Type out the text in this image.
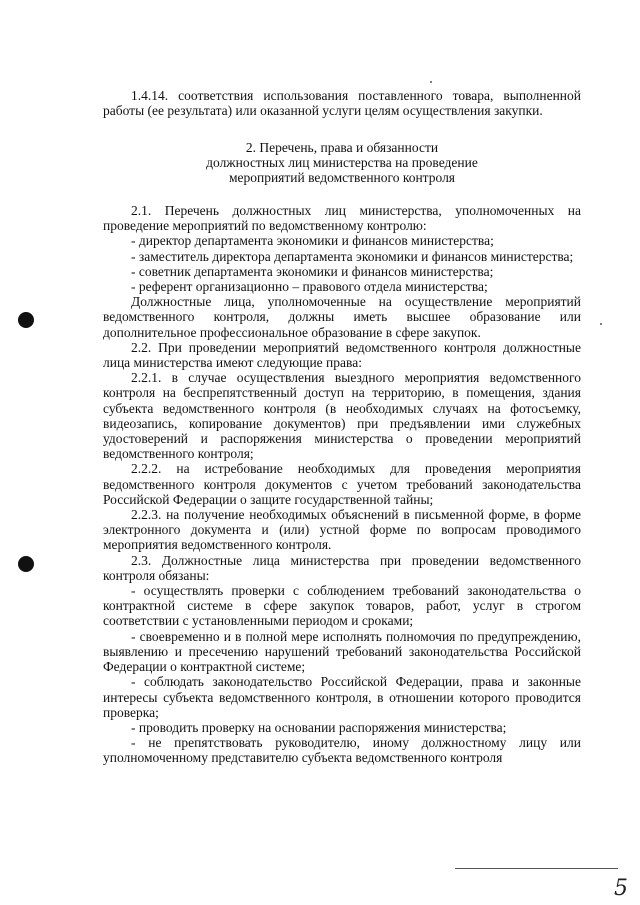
1.4.14. соответствия использования поставленного товара, выполненной работы (ее результата) или оказанной услуги целям осуществления закупки.

2. Перечень, права и обязанности
должностных лиц министерства на проведение
мероприятий ведомственного контроля

2.1. Перечень должностных лиц министерства, уполномоченных на проведение мероприятий по ведомственному контролю:

- директор департамента экономики и финансов министерства;

- заместитель директора департамента экономики и финансов министерства;

- советник департамента экономики и финансов министерства;

- референт организационно – правового отдела министерства;

Должностные лица, уполномоченные на осуществление мероприятий ведомственного контроля, должны иметь высшее образование или дополнительное профессиональное образование в сфере закупок.

2.2. При проведении мероприятий ведомственного контроля должностные лица министерства имеют следующие права:

2.2.1. в случае осуществления выездного мероприятия ведомственного контроля на беспрепятственный доступ на территорию, в помещения, здания субъекта ведомственного контроля (в необходимых случаях на фотосъемку, видеозапись, копирование документов) при предъявлении ими служебных удостоверений и распоряжения министерства о проведении мероприятий ведомственного контроля;

2.2.2. на истребование необходимых для проведения мероприятия ведомственного контроля документов с учетом требований законодательства Российской Федерации о защите государственной тайны;

2.2.3. на получение необходимых объяснений в письменной форме, в форме электронного документа и (или) устной форме по вопросам проводимого мероприятия ведомственного контроля.

2.3. Должностные лица министерства при проведении ведомственного контроля обязаны:

- осуществлять проверки с соблюдением требований законодательства о контрактной системе в сфере закупок товаров, работ, услуг в строгом соответствии с установленными периодом и сроками;

- своевременно и в полной мере исполнять полномочия по предупреждению, выявлению и пресечению нарушений требований законодательства Российской Федерации о контрактной системе;

- соблюдать законодательство Российской Федерации, права и законные интересы субъекта ведомственного контроля, в отношении которого проводится проверка;

- проводить проверку на основании распоряжения министерства;

- не препятствовать руководителю, иному должностному лицу или уполномоченному представителю субъекта ведомственного контроля

5
